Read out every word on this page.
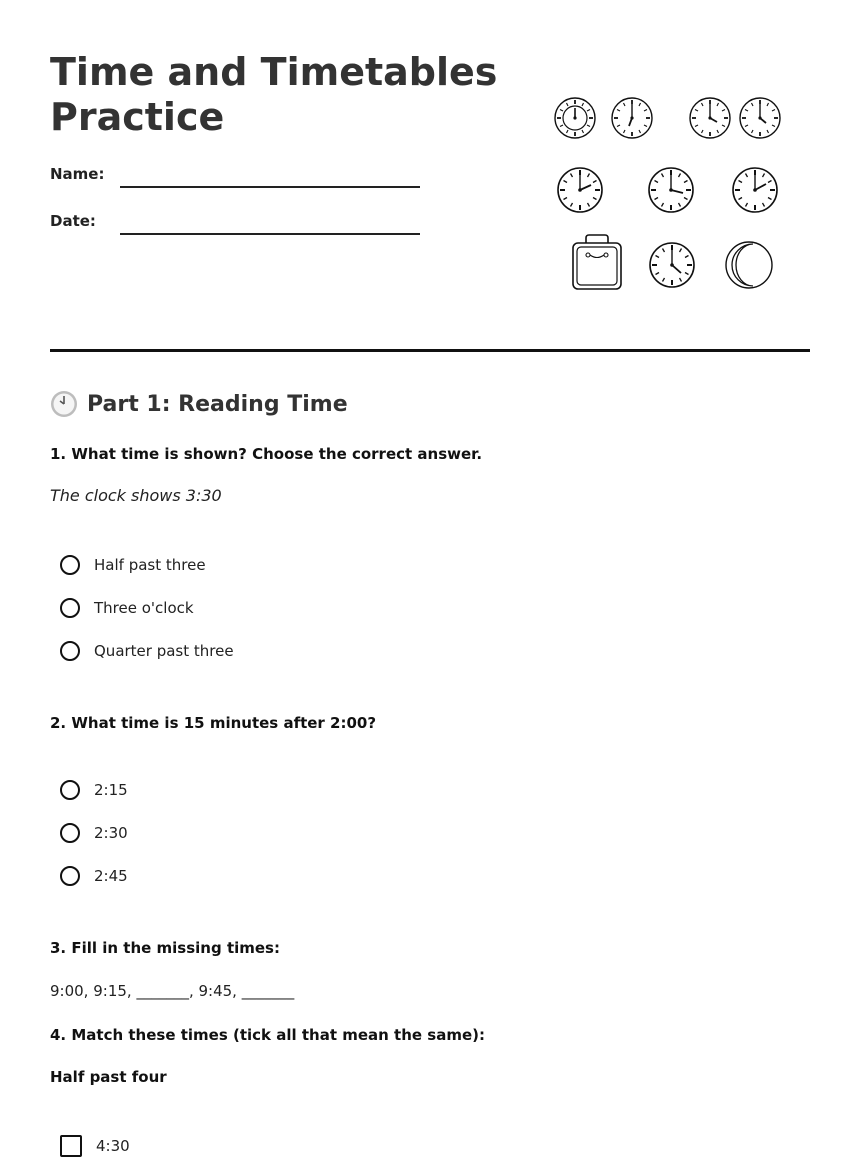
Time and Timetables
Practice
Name:
Date:
Part 1: Reading Time
1. What time is shown? Choose the correct answer.
The clock shows 3:30
Half past three
Three o'clock
Quarter past three
2. What time is 15 minutes after 2:00?
2:15
2:30
2:45
3. Fill in the missing times:
9:00, 9:15, _______, 9:45, _______
4. Match these times (tick all that mean the same):
Half past four
4:30
